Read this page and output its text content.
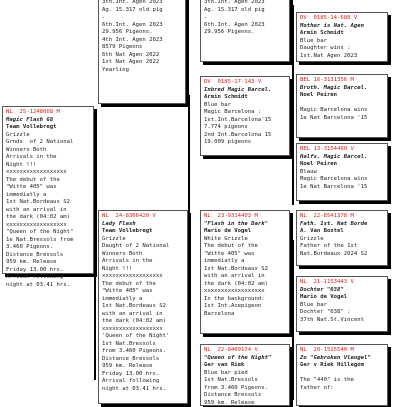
3th.Int. Agen 2023

Ag. 15.317 old pig

.

6th.Int. Agen 2023

29.956 Pigeons.

4th Int. Agen 2023

8579 Pigeons

6th Nat Agen 2022

1st Nat Agen 2022

Yearling

3th.Int. Agen 2023

Ag. 15.317 old pig

.

6th.Int. Agen 2023

29.956 Pigeons.

DV  0185-14-680 V

Mother is Nat. Agen

Armin Schmidt

Blue bar

Daughter wins :

1st.Nat Agen 2023

NL  25-1248068 M

Magic Flash 68

Team Vollebregt

Grizzle

Grnds  of 2 National

Winners Both

Arrivals in the

Night !!!

xxxxxxxxxxxxxxxxxx

The debut of the

"Witte 405" was

immediatly a

1st Nat.Bordeaux S2

with an arrival in

the dark (04:02 am)

xxxxxxxxxxxxxxxxxx

"Queen of the Night"

1e Nat.Bressols from

3.460 Pigeons.

Distance Bressols

959 km. Release

Friday 13.00 hrs.

Arrival following

night at 03.41 hrs.

DV  0185-17-143 V

Inbred Magic Barcel.

Armin Schmidt

Blue bar

Magic Barcelona :

1st.Int.Barcelona'15

7.774 pigeons

2nd Int.Barcelona 15

19.009 pigeons

BEL 16-3131356 M

Broth. Magic Barcel.

Noel Peiren

Magic Barcelona wins

1e Nat Barcelona '15

BEL 13-3154460 V

Halfs. Magic Barcel.

Noel Peiren

Blauw

Magic Barcelona wins

1e Nat Barcelona '15

NL  24-8366420 V

Lady Flash

Team Vollebregt

Grizzle

Daught of 2 National

Winners Both

Arrivals in the

Night !!!

xxxxxxxxxxxxxxxxxx

The debut of the

"Witte 405" was

immediatly a

1st Nat.Bordeaux S2

with an arrival in

the dark (04:02 am)

xxxxxxxxxxxxxxxxxx

'Queen of the Night'

1st Nat.Bressols

from 3.460 Pigeons.

Distance Bressols

959 km. Release

Friday 13.00 hrs.

Arrival following

night at 03.41 hrs.

NL  23-9314403 M

"Flash in the Dark"

Mario de Vogel

White Grizzle

The debut of the

"Witte 405" was

immediatly a

1st Nat.Bordeaux S2

with an arrival in

the dark (04:02 am)

xxxxxxxxxxxxxxxxxx

In the background:

1st Int.Acepigeon

Barcelona

NL  22-8409174 V

"Queen of the Night"

Ger van Riek

Blue bar pied

1st Nat.Bressols

from 3.460 Pigeons.

Distance Bressols

959 km. Release

NL  22-8541378 M

Fath. 1st. Nat Borde

A. Van Boxtel

Grizzle

Father of the 1st

Nat.Bordeaux 2024 S2

NL  21-1153443 V

Dochter "038"

Mario de Vogel

Blue bar

Dochter "038" :

37th Nat.St.Vincent

NL  20-1515540 M

Zo "Gebroken Vleugel"

Ger v Riek Hillegom

The "440" is the

father of:
